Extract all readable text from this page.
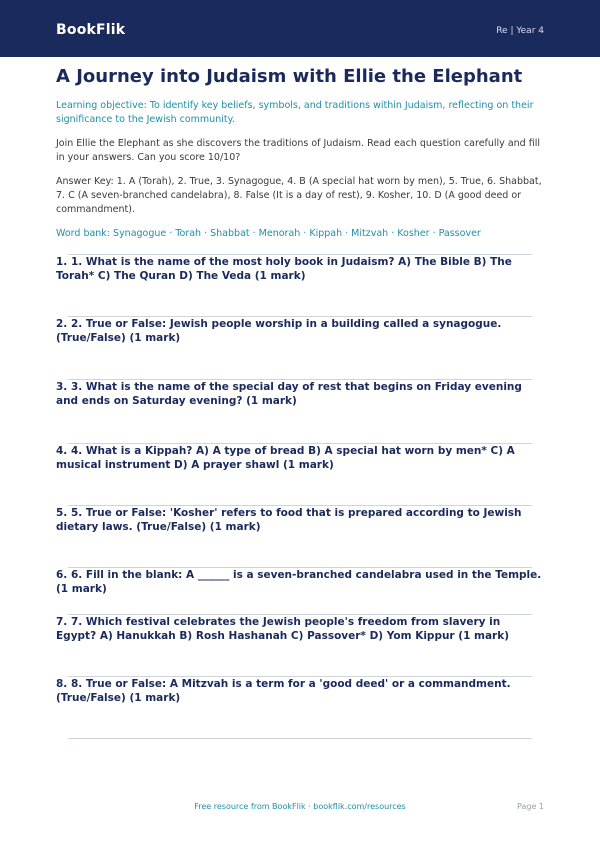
BookFlik	Re | Year 4
A Journey into Judaism with Ellie the Elephant

Learning objective: To identify key beliefs, symbols, and traditions within Judaism, reflecting on their significance to the Jewish community.

Join Ellie the Elephant as she discovers the traditions of Judaism. Read each question carefully and fill in your answers. Can you score 10/10?

Answer Key: 1. A (Torah), 2. True, 3. Synagogue, 4. B (A special hat worn by men), 5. True, 6. Shabbat, 7. C (A seven-branched candelabra), 8. False (It is a day of rest), 9. Kosher, 10. D (A good deed or commandment).

Word bank: Synagogue · Torah · Shabbat · Menorah · Kippah · Mitzvah · Kosher · Passover

1. 1. What is the name of the most holy book in Judaism? A) The Bible B) The Torah* C) The Quran D) The Veda (1 mark)

2. 2. True or False: Jewish people worship in a building called a synagogue. (True/False) (1 mark)

3. 3. What is the name of the special day of rest that begins on Friday evening and ends on Saturday evening? (1 mark)

4. 4. What is a Kippah? A) A type of bread B) A special hat worn by men* C) A musical instrument D) A prayer shawl (1 mark)

5. 5. True or False: 'Kosher' refers to food that is prepared according to Jewish dietary laws. (True/False) (1 mark)

6. 6. Fill in the blank: A ______ is a seven-branched candelabra used in the Temple. (1 mark)

7. 7. Which festival celebrates the Jewish people's freedom from slavery in Egypt? A) Hanukkah B) Rosh Hashanah C) Passover* D) Yom Kippur (1 mark)

8. 8. True or False: A Mitzvah is a term for a 'good deed' or a commandment. (True/False) (1 mark)

Free resource from BookFlik · bookflik.com/resources	Page 1
